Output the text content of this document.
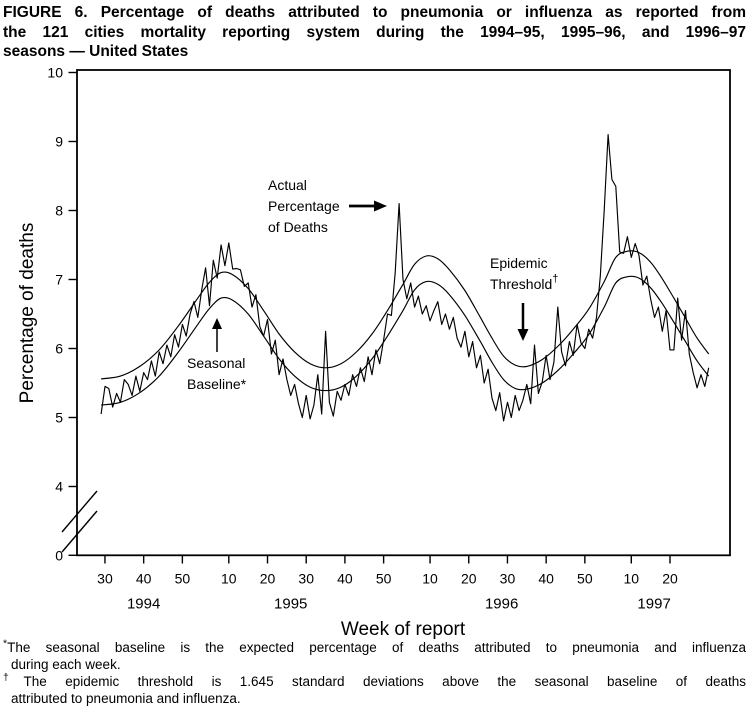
FIGURE 6. Percentage of deaths attributed to pneumonia or influenza as reported from
the 121 cities mortality reporting system during the 1994–95, 1995–96, and 1996–97
seasons — United States
0
4
5
6
7
8
9
10
30 40 50 10 20 30 40 50 10 20 30 40 50 10 20
1994	1995	1996	1997
Week of report
Percentage of deaths
Actual
Percentage
of Deaths
Epidemic
Threshold†
Seasonal
Baseline*
*The seasonal baseline is the expected percentage of deaths attributed to pneumonia and influenza
during each week.
†The epidemic threshold is 1.645 standard deviations above the seasonal baseline of deaths
attributed to pneumonia and influenza.
